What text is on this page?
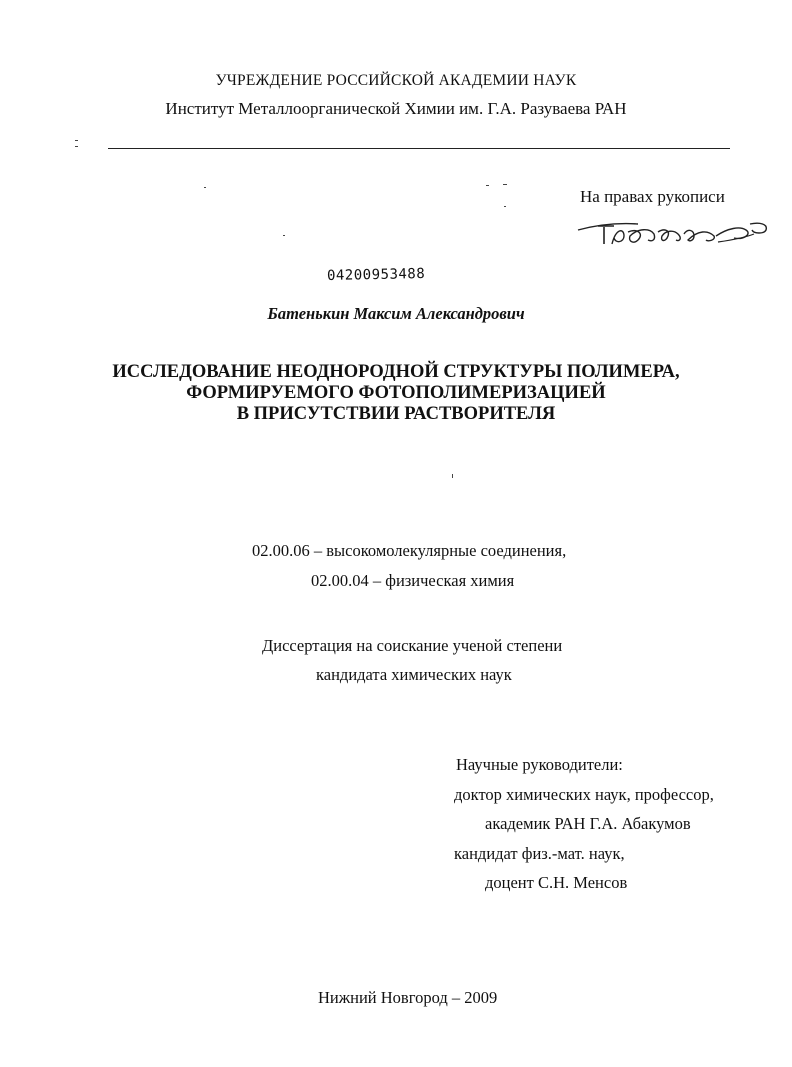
УЧРЕЖДЕНИЕ РОССИЙСКОЙ АКАДЕМИИ НАУК
Институт Металлоорганической Химии им. Г.А. Разуваева РАН
На правах рукописи
04200953488
Батенькин Максим Александрович
ИССЛЕДОВАНИЕ НЕОДНОРОДНОЙ СТРУКТУРЫ ПОЛИМЕРА,
ФОРМИРУЕМОГО ФОТОПОЛИМЕРИЗАЦИЕЙ
В ПРИСУТСТВИИ РАСТВОРИТЕЛЯ
02.00.06 – высокомолекулярные соединения,
02.00.04 – физическая химия
Диссертация на соискание ученой степени
кандидата химических наук
Научные руководители:
доктор химических наук, профессор,
академик РАН Г.А. Абакумов
кандидат физ.-мат. наук,
доцент С.Н. Менсов
Нижний Новгород – 2009
